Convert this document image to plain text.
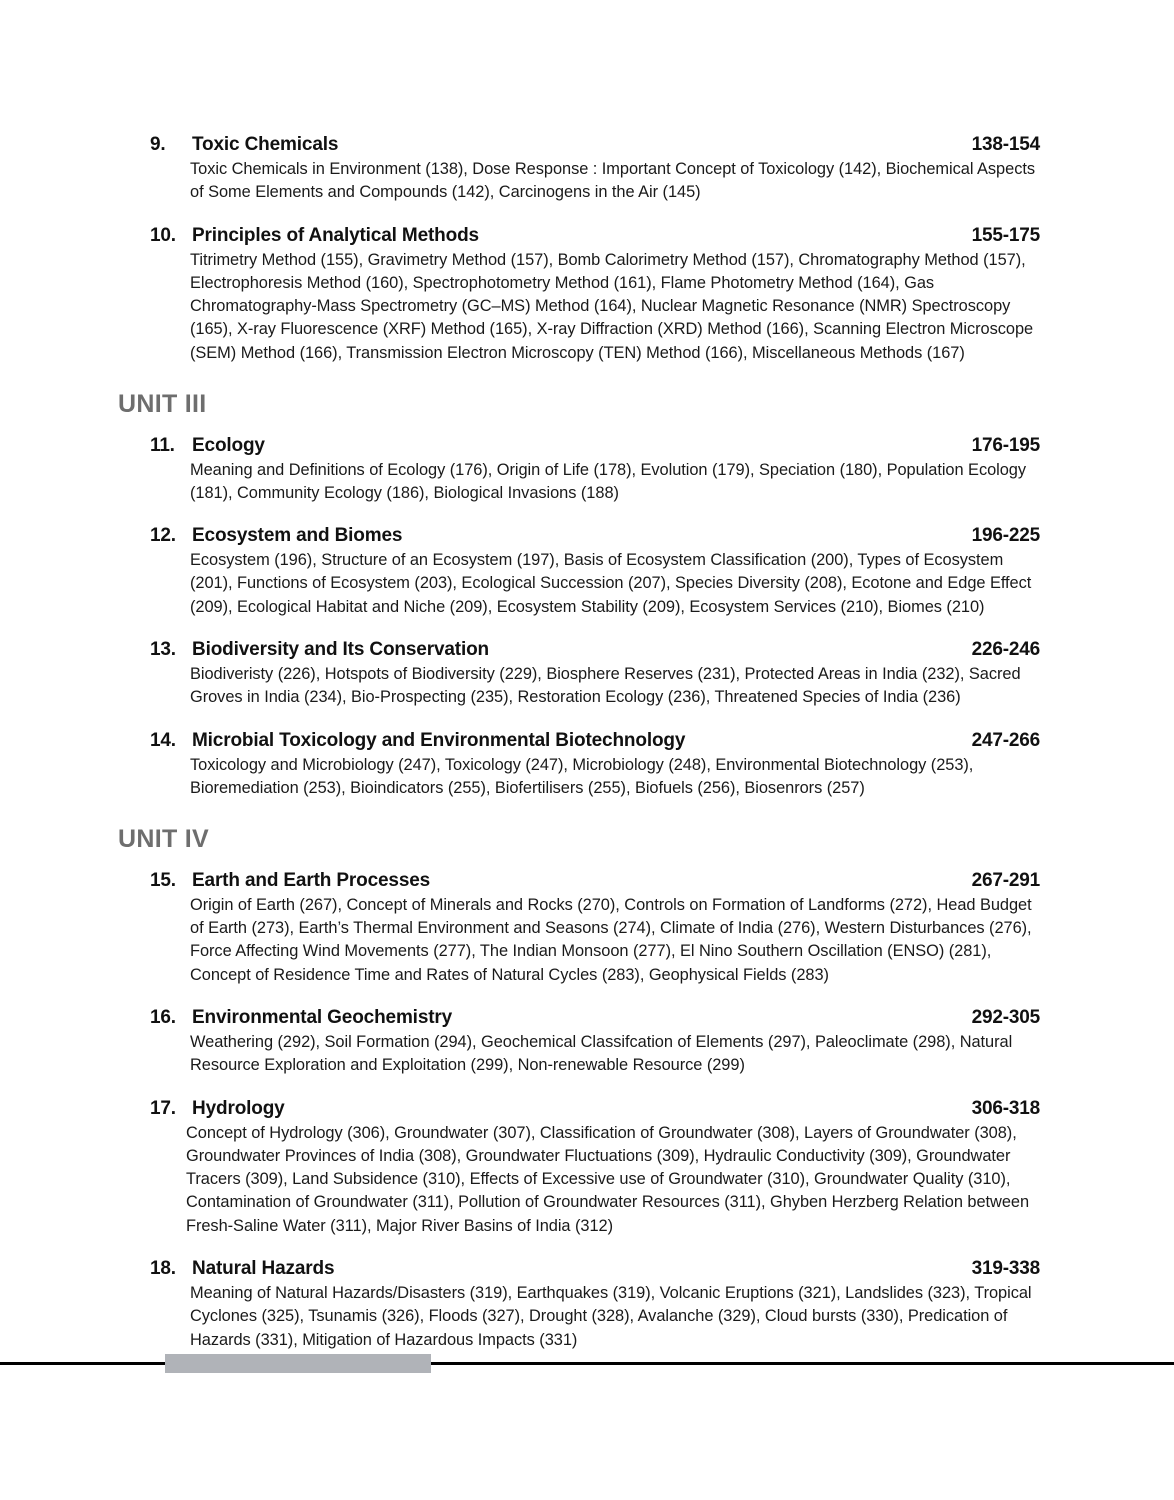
9.	Toxic Chemicals	138-154
Toxic Chemicals in Environment (138), Dose Response : Important Concept of Toxicology (142), Biochemical Aspects of Some Elements and Compounds (142), Carcinogens in the Air (145)
10. Principles of Analytical Methods	155-175
Titrimetry Method (155), Gravimetry Method (157), Bomb Calorimetry Method (157), Chromatography Method (157), Electrophoresis Method (160), Spectrophotometry Method (161), Flame Photometry Method (164), Gas Chromatography-Mass Spectrometry (GC–MS) Method (164), Nuclear Magnetic Resonance (NMR) Spectroscopy (165), X-ray Fluorescence (XRF) Method (165), X-ray Diffraction (XRD) Method (166), Scanning Electron Microscope (SEM) Method (166), Transmission Electron Microscopy (TEN) Method (166), Miscellaneous Methods (167)
UNIT III
11. Ecology	176-195
Meaning and Definitions of Ecology (176), Origin of Life (178), Evolution (179), Speciation (180), Population Ecology (181), Community Ecology (186), Biological Invasions (188)
12. Ecosystem and Biomes	196-225
Ecosystem (196), Structure of an Ecosystem (197), Basis of Ecosystem Classification (200), Types of Ecosystem (201), Functions of Ecosystem (203), Ecological Succession (207), Species Diversity (208), Ecotone and Edge Effect (209), Ecological Habitat and Niche (209), Ecosystem Stability (209), Ecosystem Services (210), Biomes (210)
13. Biodiversity and Its Conservation	226-246
Biodiveristy (226), Hotspots of Biodiversity (229), Biosphere Reserves (231), Protected Areas in India (232), Sacred Groves in India (234), Bio-Prospecting (235), Restoration Ecology (236), Threatened Species of India (236)
14. Microbial Toxicology and Environmental Biotechnology	247-266
Toxicology and Microbiology (247), Toxicology (247), Microbiology (248), Environmental Biotechnology (253), Bioremediation (253), Bioindicators (255), Biofertilisers (255), Biofuels (256), Biosenrors (257)
UNIT IV
15. Earth and Earth Processes	267-291
Origin of Earth (267), Concept of Minerals and Rocks (270), Controls on Formation of Landforms (272), Head Budget of Earth (273), Earth’s Thermal Environment and Seasons (274), Climate of India (276), Western Disturbances (276), Force Affecting Wind Movements (277), The Indian Monsoon (277), El Nino Southern Oscillation (ENSO) (281), Concept of Residence Time and Rates of Natural Cycles (283), Geophysical Fields (283)
16. Environmental Geochemistry	292-305
Weathering (292), Soil Formation (294), Geochemical Classifcation of Elements (297), Paleoclimate (298), Natural Resource Exploration and Exploitation (299), Non-renewable Resource (299)
17. Hydrology	306-318
Concept of Hydrology (306), Groundwater (307), Classification of Groundwater (308), Layers of Groundwater (308), Groundwater Provinces of India (308), Groundwater Fluctuations (309), Hydraulic Conductivity (309), Groundwater Tracers (309), Land Subsidence (310), Effects of Excessive use of Groundwater (310), Groundwater Quality (310), Contamination of Groundwater (311), Pollution of Groundwater Resources (311), Ghyben Herzberg Relation between Fresh-Saline Water (311), Major River Basins of India (312)
18. Natural Hazards	319-338
Meaning of Natural Hazards/Disasters (319), Earthquakes (319), Volcanic Eruptions (321), Landslides (323), Tropical Cyclones (325), Tsunamis (326), Floods (327), Drought (328), Avalanche (329), Cloud bursts (330), Predication of Hazards (331), Mitigation of Hazardous Impacts (331)
